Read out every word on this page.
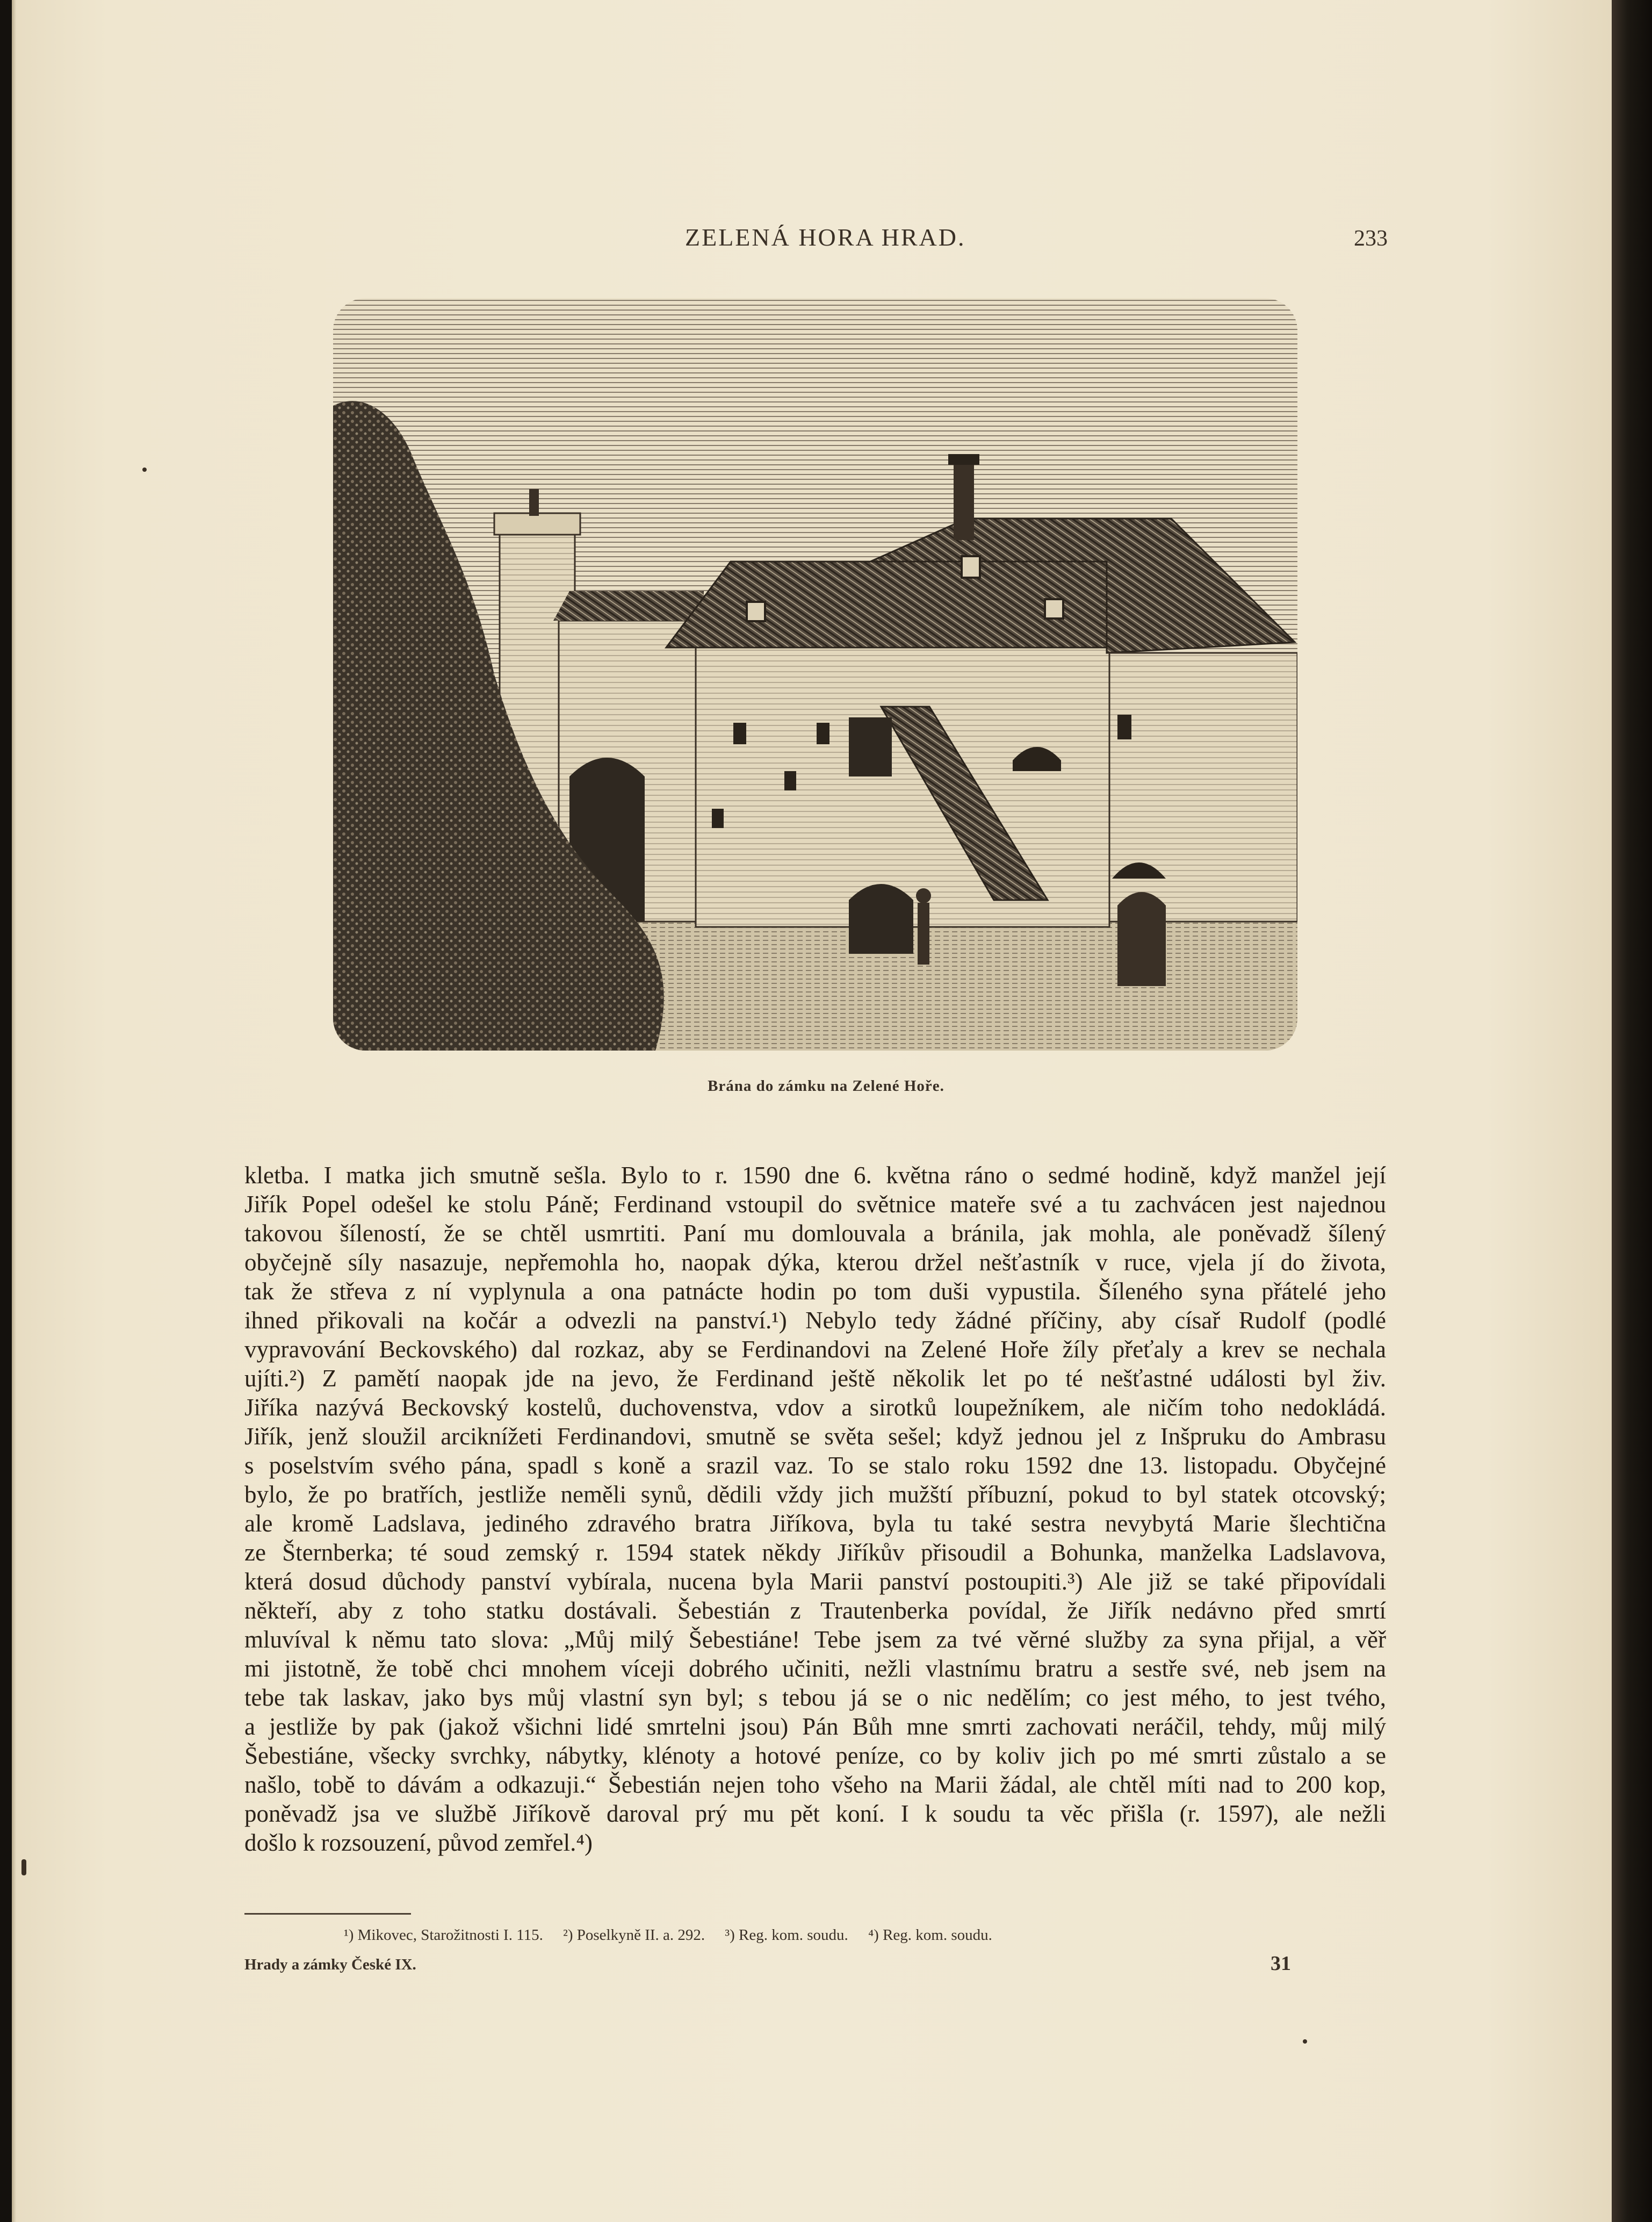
ZELENÁ HORA HRAD.	233
Brána do zámku na Zelené Hoře.
kletba. I matka jich smutně sešla. Bylo to r. 1590 dne 6. května ráno o sedmé hodině, když manžel její
Jiřík Popel odešel ke stolu Páně; Ferdinand vstoupil do světnice mateře své a tu zachvácen jest najednou
takovou šíleností, že se chtěl usmrtiti. Paní mu domlouvala a bránila, jak mohla, ale poněvadž šílený
obyčejně síly nasazuje, nepřemohla ho, naopak dýka, kterou držel nešťastník v ruce, vjela jí do života,
tak že střeva z ní vyplynula a ona patnácte hodin po tom duši vypustila. Šíleného syna přátelé jeho
ihned přikovali na kočár a odvezli na panství.¹) Nebylo tedy žádné příčiny, aby císař Rudolf (podlé
vypravování Beckovského) dal rozkaz, aby se Ferdinandovi na Zelené Hoře žíly přeťaly a krev se nechala
ujíti.²) Z pamětí naopak jde na jevo, že Ferdinand ještě několik let po té nešťastné události byl živ.
Jiříka nazývá Beckovský kostelů, duchovenstva, vdov a sirotků loupežníkem, ale ničím toho nedokládá.
Jiřík, jenž sloužil arciknížeti Ferdinandovi, smutně se světa sešel; když jednou jel z Inšpruku do Ambrasu
s poselstvím svého pána, spadl s koně a srazil vaz. To se stalo roku 1592 dne 13. listopadu. Obyčejné
bylo, že po bratřích, jestliže neměli synů, dědili vždy jich mužští příbuzní, pokud to byl statek otcovský;
ale kromě Ladslava, jediného zdravého bratra Jiříkova, byla tu také sestra nevybytá Marie šlechtična
ze Šternberka; té soud zemský r. 1594 statek někdy Jiříkův přisoudil a Bohunka, manželka Ladslavova,
která dosud důchody panství vybírala, nucena byla Marii panství postoupiti.³) Ale již se také připovídali
někteří, aby z toho statku dostávali. Šebestián z Trautenberka povídal, že Jiřík nedávno před smrtí
mluvíval k němu tato slova: „Můj milý Šebestiáne! Tebe jsem za tvé věrné služby za syna přijal, a věř
mi jistotně, že tobě chci mnohem víceji dobrého učiniti, nežli vlastnímu bratru a sestře své, neb jsem na
tebe tak laskav, jako bys můj vlastní syn byl; s tebou já se o nic nedělím; co jest mého, to jest tvého,
a jestliže by pak (jakož všichni lidé smrtelni jsou) Pán Bůh mne smrti zachovati neráčil, tehdy, můj milý
Šebestiáne, všecky svrchky, nábytky, klénoty a hotové peníze, co by koliv jich po mé smrti zůstalo a se
našlo, tobě to dávám a odkazuji.“ Šebestián nejen toho všeho na Marii žádal, ale chtěl míti nad to 200 kop,
poněvadž jsa ve službě Jiříkově daroval prý mu pět koní. I k soudu ta věc přišla (r. 1597), ale nežli
došlo k rozsouzení, původ zemřel.⁴)
¹) Mikovec, Starožitnosti I. 115. ²) Poselkyně II. a. 292. ³) Reg. kom. soudu. ⁴) Reg. kom. soudu.
Hrady a zámky České IX.	31
